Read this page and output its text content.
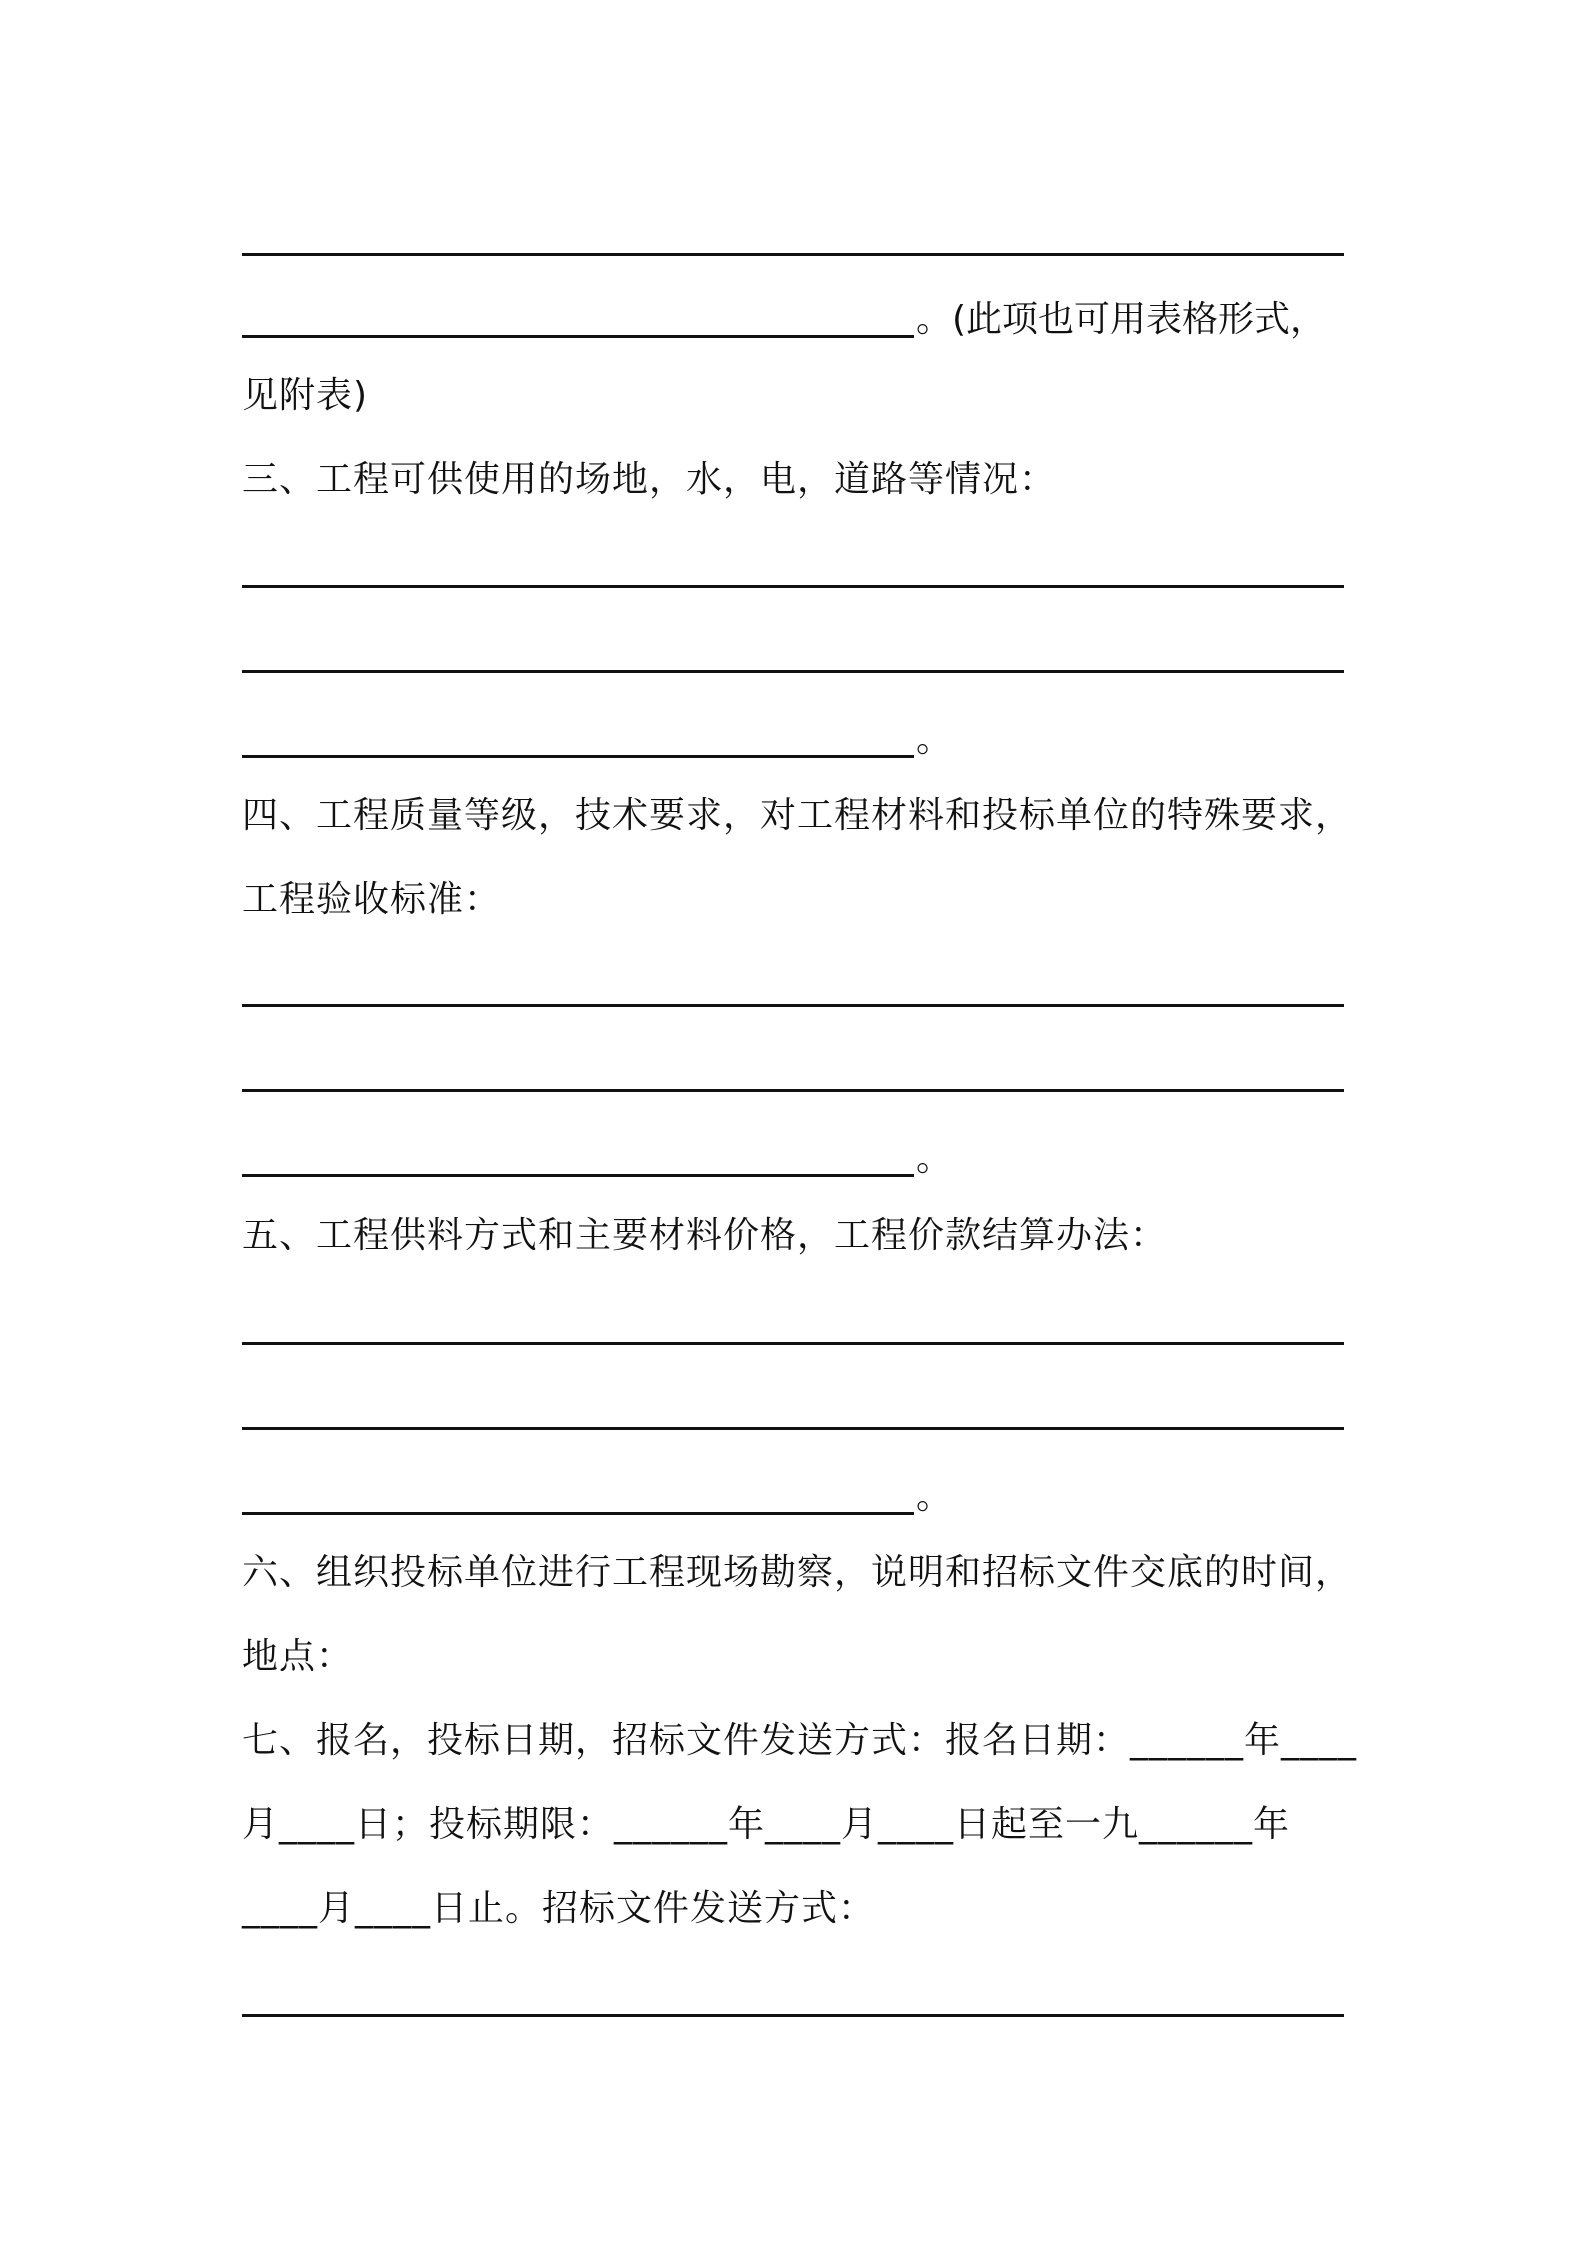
。(此项也可用表格形式，
见附表)
三、工程可供使用的场地，水，电，道路等情况：
。
四、工程质量等级，技术要求，对工程材料和投标单位的特殊要求，
工程验收标准：
。
五、工程供料方式和主要材料价格，工程价款结算办法：
。
六、组织投标单位进行工程现场勘察，说明和招标文件交底的时间，
地点：
七、报名，投标日期，招标文件发送方式：报名日期：______年____
月____日；投标期限：______年____月____日起至一九______年
____月____日止。招标文件发送方式：
